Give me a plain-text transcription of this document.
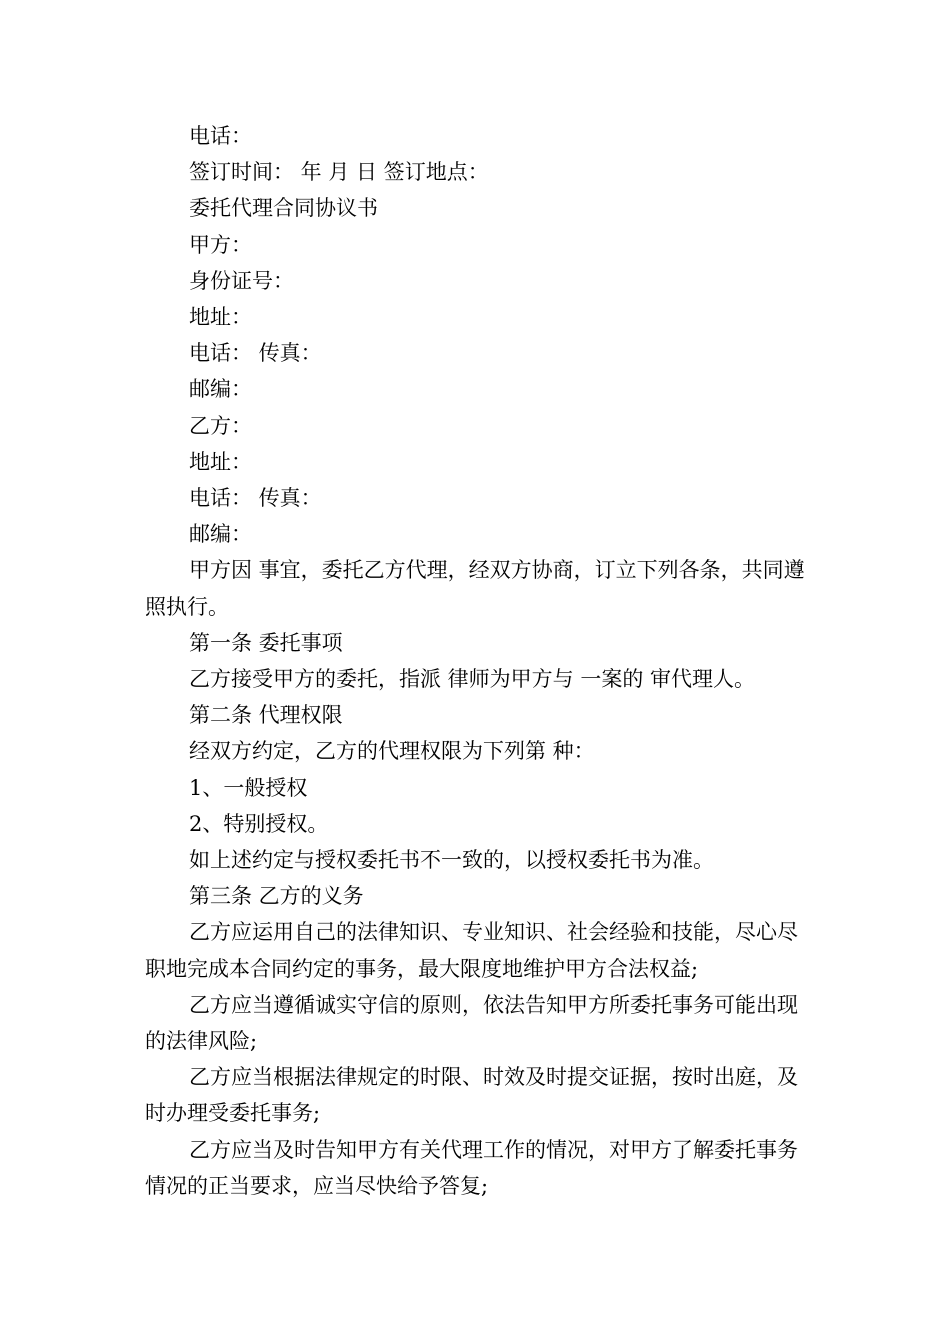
电话：

签订时间： 年 月 日 签订地点：

委托代理合同协议书

甲方：

身份证号：

地址：

电话： 传真：

邮编：

乙方：

地址：

电话： 传真：

邮编：

甲方因 事宜，委托乙方代理，经双方协商，订立下列各条，共同遵照执行。

第一条 委托事项

乙方接受甲方的委托，指派 律师为甲方与 一案的 审代理人。

第二条 代理权限

经双方约定，乙方的代理权限为下列第 种：

1、一般授权

2、特别授权。

如上述约定与授权委托书不一致的，以授权委托书为准。

第三条 乙方的义务

乙方应运用自己的法律知识、专业知识、社会经验和技能，尽心尽职地完成本合同约定的事务，最大限度地维护甲方合法权益;

乙方应当遵循诚实守信的原则，依法告知甲方所委托事务可能出现的法律风险;

乙方应当根据法律规定的时限、时效及时提交证据，按时出庭，及时办理受委托事务;

乙方应当及时告知甲方有关代理工作的情况，对甲方了解委托事务情况的正当要求，应当尽快给予答复;
